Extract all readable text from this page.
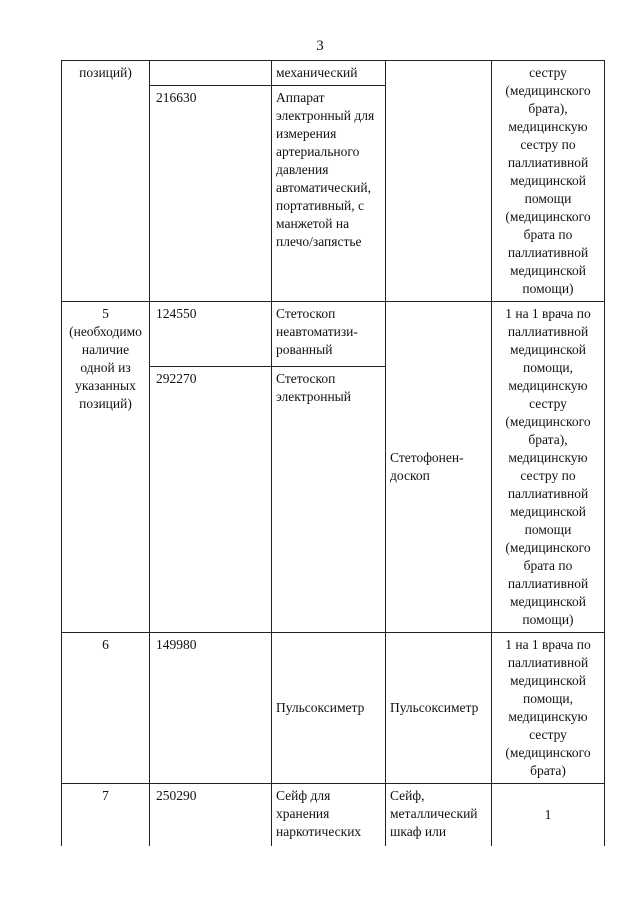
3
позиций)		механический		сестру (медицинского брата), медицинскую сестру по паллиативной медицинской помощи (медицинского брата по паллиативной медицинской помощи)
	216630	Аппарат электронный для измерения артериального давления автоматический, портативный, с манжетой на плечо/запястье		
5 (необходимо наличие одной из указанных позиций)	124550	Стетоскоп неавтоматизи-рованный	Стетофонен-доскоп	1 на 1 врача по паллиативной медицинской помощи, медицинскую сестру (медицинского брата), медицинскую сестру по паллиативной медицинской помощи (медицинского брата по паллиативной медицинской помощи)
	292270	Стетоскоп электронный		
6	149980	Пульсоксиметр	Пульсоксиметр	1 на 1 врача по паллиативной медицинской помощи, медицинскую сестру (медицинского брата)
7	250290	Сейф для хранения наркотических	Сейф, металлический шкаф или	1
